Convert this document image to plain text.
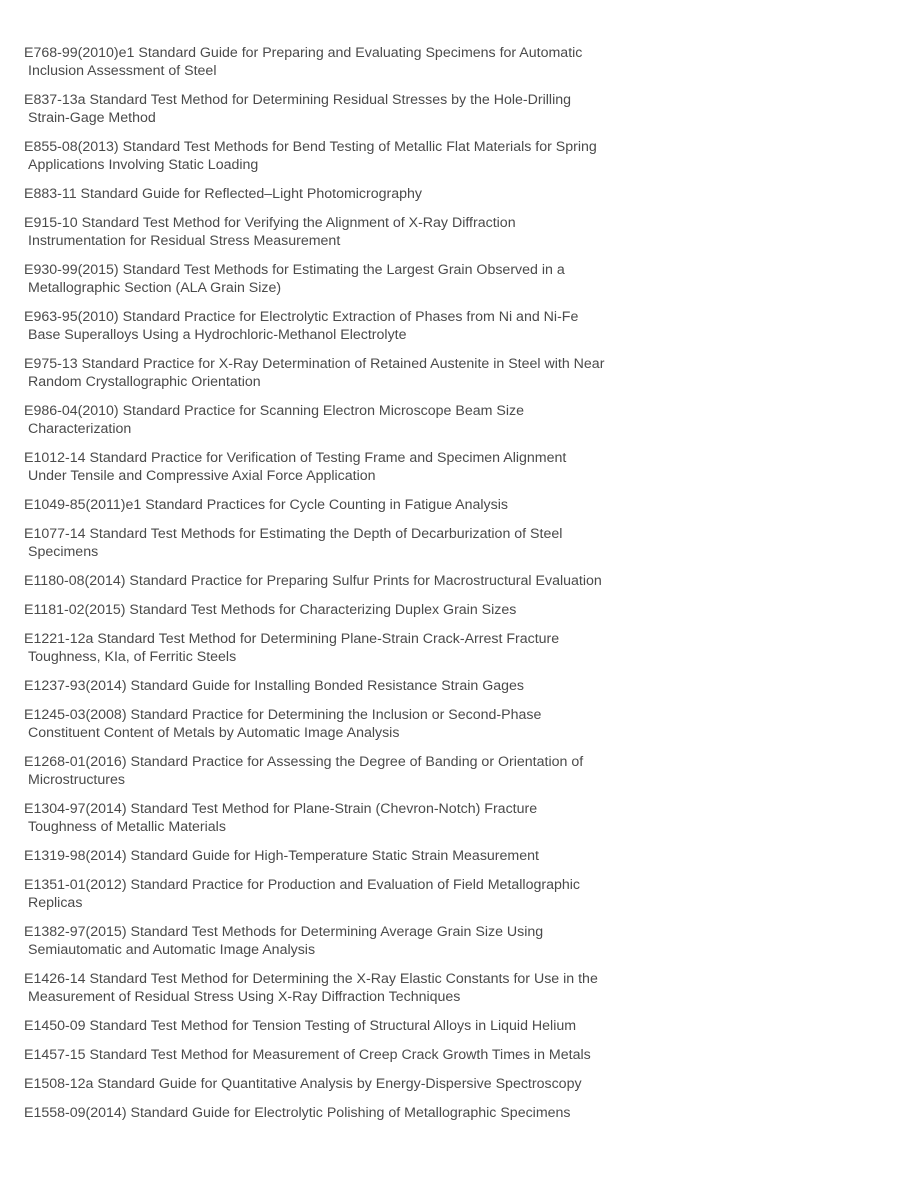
E768-99(2010)e1 Standard Guide for Preparing and Evaluating Specimens for Automatic
Inclusion Assessment of Steel

E837-13a Standard Test Method for Determining Residual Stresses by the Hole-Drilling
Strain-Gage Method

E855-08(2013) Standard Test Methods for Bend Testing of Metallic Flat Materials for Spring
Applications Involving Static Loading

E883-11 Standard Guide for Reflected–Light Photomicrography

E915-10 Standard Test Method for Verifying the Alignment of X-Ray Diffraction
Instrumentation for Residual Stress Measurement

E930-99(2015) Standard Test Methods for Estimating the Largest Grain Observed in a
Metallographic Section (ALA Grain Size)

E963-95(2010) Standard Practice for Electrolytic Extraction of Phases from Ni and Ni-Fe
Base Superalloys Using a Hydrochloric-Methanol Electrolyte

E975-13 Standard Practice for X-Ray Determination of Retained Austenite in Steel with Near
Random Crystallographic Orientation

E986-04(2010) Standard Practice for Scanning Electron Microscope Beam Size
Characterization

E1012-14 Standard Practice for Verification of Testing Frame and Specimen Alignment
Under Tensile and Compressive Axial Force Application

E1049-85(2011)e1 Standard Practices for Cycle Counting in Fatigue Analysis

E1077-14 Standard Test Methods for Estimating the Depth of Decarburization of Steel
Specimens

E1180-08(2014) Standard Practice for Preparing Sulfur Prints for Macrostructural Evaluation

E1181-02(2015) Standard Test Methods for Characterizing Duplex Grain Sizes

E1221-12a Standard Test Method for Determining Plane-Strain Crack-Arrest Fracture
Toughness, KIa, of Ferritic Steels

E1237-93(2014) Standard Guide for Installing Bonded Resistance Strain Gages

E1245-03(2008) Standard Practice for Determining the Inclusion or Second-Phase
Constituent Content of Metals by Automatic Image Analysis

E1268-01(2016) Standard Practice for Assessing the Degree of Banding or Orientation of
Microstructures

E1304-97(2014) Standard Test Method for Plane-Strain (Chevron-Notch) Fracture
Toughness of Metallic Materials

E1319-98(2014) Standard Guide for High-Temperature Static Strain Measurement

E1351-01(2012) Standard Practice for Production and Evaluation of Field Metallographic
Replicas

E1382-97(2015) Standard Test Methods for Determining Average Grain Size Using
Semiautomatic and Automatic Image Analysis

E1426-14 Standard Test Method for Determining the X-Ray Elastic Constants for Use in the
Measurement of Residual Stress Using X-Ray Diffraction Techniques

E1450-09 Standard Test Method for Tension Testing of Structural Alloys in Liquid Helium

E1457-15 Standard Test Method for Measurement of Creep Crack Growth Times in Metals

E1508-12a Standard Guide for Quantitative Analysis by Energy-Dispersive Spectroscopy

E1558-09(2014) Standard Guide for Electrolytic Polishing of Metallographic Specimens
